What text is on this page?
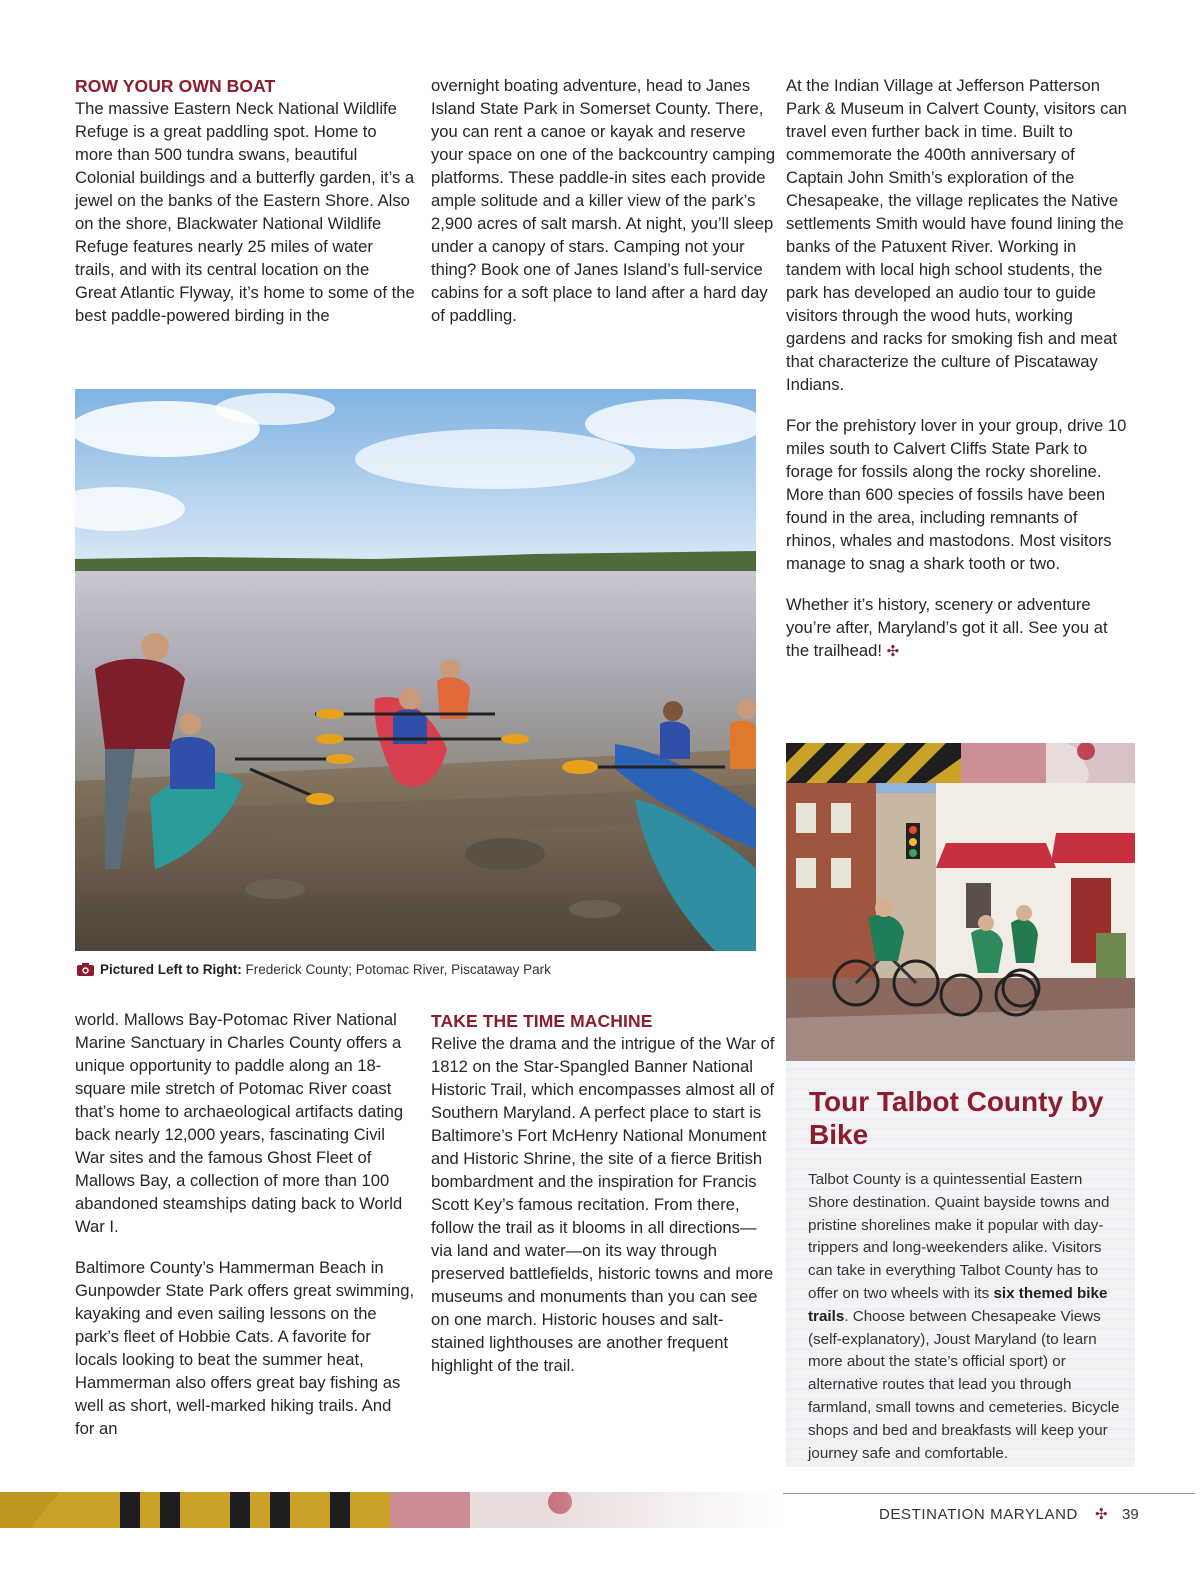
ROW YOUR OWN BOAT

The massive Eastern Neck National Wildlife Refuge is a great paddling spot. Home to more than 500 tundra swans, beautiful Colonial buildings and a butterfly garden, it’s a jewel on the banks of the Eastern Shore. Also on the shore, Blackwater National Wildlife Refuge features nearly 25 miles of water trails, and with its central location on the Great Atlantic Flyway, it’s home to some of the best paddle-powered birding in the

overnight boating adventure, head to Janes Island State Park in Somerset County. There, you can rent a canoe or kayak and reserve your space on one of the backcountry camping platforms. These paddle-in sites each provide ample solitude and a killer view of the park’s 2,900 acres of salt marsh. At night, you’ll sleep under a canopy of stars. Camping not your thing? Book one of Janes Island’s full-service cabins for a soft place to land after a hard day of paddling.

At the Indian Village at Jefferson Patterson Park & Museum in Calvert County, visitors can travel even further back in time. Built to commemorate the 400th anniversary of Captain John Smith’s exploration of the Chesapeake, the village replicates the Native settlements Smith would have found lining the banks of the Patuxent River. Working in tandem with local high school students, the park has developed an audio tour to guide visitors through the wood huts, working gardens and racks for smoking fish and meat that characterize the culture of Piscataway Indians.

For the prehistory lover in your group, drive 10 miles south to Calvert Cliffs State Park to forage for fossils along the rocky shoreline. More than 600 species of fossils have been found in the area, including remnants of rhinos, whales and mastodons. Most visitors manage to snag a shark tooth or two.

Whether it’s history, scenery or adventure you’re after, Maryland’s got it all. See you at the trailhead! ✣

Pictured Left to Right: Frederick County; Potomac River, Piscataway Park

world. Mallows Bay-Potomac River National Marine Sanctuary in Charles County offers a unique opportunity to paddle along an 18-square mile stretch of Potomac River coast that’s home to archaeological artifacts dating back nearly 12,000 years, fascinating Civil War sites and the famous Ghost Fleet of Mallows Bay, a collection of more than 100 abandoned steamships dating back to World War I.

Baltimore County’s Hammerman Beach in Gunpowder State Park offers great swimming, kayaking and even sailing lessons on the park’s fleet of Hobbie Cats. A favorite for locals looking to beat the summer heat, Hammerman also offers great bay fishing as well as short, well-marked hiking trails. And for an

TAKE THE TIME MACHINE

Relive the drama and the intrigue of the War of 1812 on the Star-Spangled Banner National Historic Trail, which encompasses almost all of Southern Maryland. A perfect place to start is Baltimore’s Fort McHenry National Monument and Historic Shrine, the site of a fierce British bombardment and the inspiration for Francis Scott Key’s famous recitation. From there, follow the trail as it blooms in all directions—via land and water—on its way through preserved battlefields, historic towns and more museums and monuments than you can see on one march. Historic houses and salt-stained lighthouses are another frequent highlight of the trail.

Tour Talbot County by Bike

Talbot County is a quintessential Eastern Shore destination. Quaint bayside towns and pristine shorelines make it popular with day-trippers and long-weekenders alike. Visitors can take in everything Talbot County has to offer on two wheels with its six themed bike trails. Choose between Chesapeake Views (self-explanatory), Joust Maryland (to learn more about the state’s official sport) or alternative routes that lead you through farmland, small towns and cemeteries. Bicycle shops and bed and breakfasts will keep your journey safe and comfortable.

DESTINATION MARYLAND ✣ 39
